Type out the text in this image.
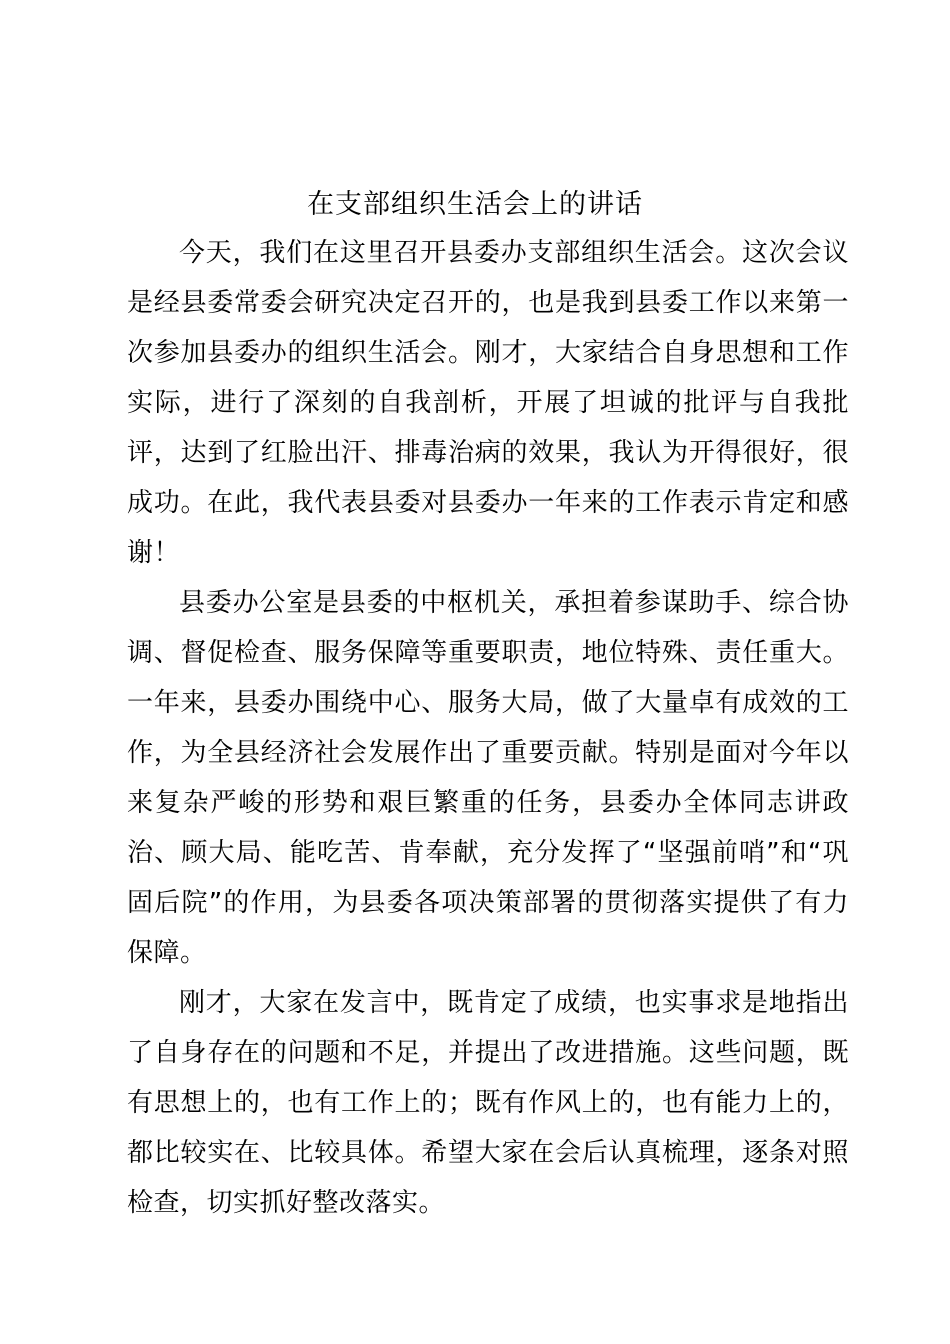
在支部组织生活会上的讲话

今天，我们在这里召开县委办支部组织生活会。这次会议是经县委常委会研究决定召开的，也是我到县委工作以来第一次参加县委办的组织生活会。刚才，大家结合自身思想和工作实际，进行了深刻的自我剖析，开展了坦诚的批评与自我批评，达到了红脸出汗、排毒治病的效果，我认为开得很好，很成功。在此，我代表县委对县委办一年来的工作表示肯定和感谢！

县委办公室是县委的中枢机关，承担着参谋助手、综合协调、督促检查、服务保障等重要职责，地位特殊、责任重大。一年来，县委办围绕中心、服务大局，做了大量卓有成效的工作，为全县经济社会发展作出了重要贡献。特别是面对今年以来复杂严峻的形势和艰巨繁重的任务，县委办全体同志讲政治、顾大局、能吃苦、肯奉献，充分发挥了“坚强前哨”和“巩固后院”的作用，为县委各项决策部署的贯彻落实提供了有力保障。

刚才，大家在发言中，既肯定了成绩，也实事求是地指出了自身存在的问题和不足，并提出了改进措施。这些问题，既有思想上的，也有工作上的；既有作风上的，也有能力上的，都比较实在、比较具体。希望大家在会后认真梳理，逐条对照检查，切实抓好整改落实。
